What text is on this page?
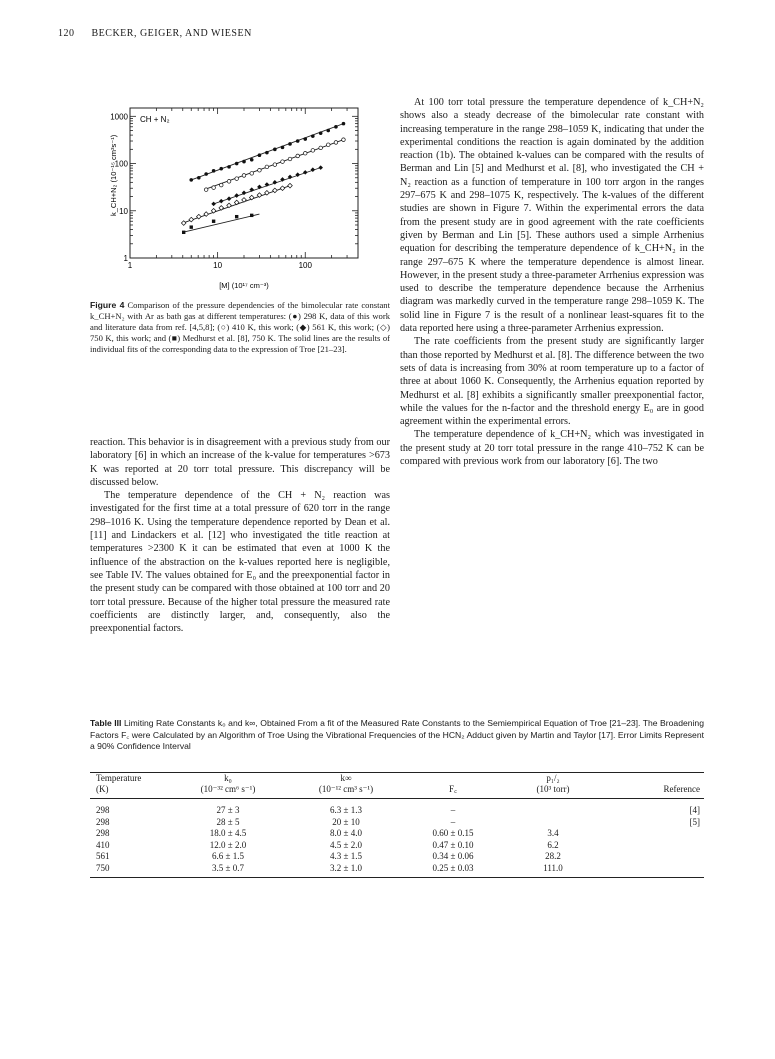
120 BECKER, GEIGER, AND WIESEN
1	10	100
1
10
100
1000 CH + N₂
k_CH+N₂ (10⁻¹⁵ cm³s⁻¹)
[M] (10¹⁷ cm⁻³)
Figure 4 Comparison of the pressure dependencies of the bimolecular rate constant k_CH+N₂ with Ar as bath gas at different temperatures: (●) 298 K, data of this work and literature data from ref. [4,5,8]; (○) 410 K, this work; (◆) 561 K, this work; (◇) 750 K, this work; and (■) Medhurst et al. [8], 750 K. The solid lines are the results of individual fits of the corresponding data to the expression of Troe [21–23].

reaction. This behavior is in disagreement with a previous study from our laboratory [6] in which an increase of the k-value for temperatures >673 K was reported at 20 torr total pressure. This discrepancy will be discussed below.

The temperature dependence of the CH + N₂ reaction was investigated for the first time at a total pressure of 620 torr in the range 298–1016 K. Using the temperature dependence reported by Dean et al. [11] and Lindackers et al. [12] who investigated the title reaction at temperatures >2300 K it can be estimated that even at 1000 K the influence of the abstraction on the k-values reported here is negligible, see Table IV. The values obtained for E₀ and the preexponential factor in the present study can be compared with those obtained at 100 torr and 20 torr total pressure. Because of the higher total pressure the measured rate coefficients are distinctly larger, and, consequently, also the preexponential factors.

At 100 torr total pressure the temperature dependence of k_CH+N₂ shows also a steady decrease of the bimolecular rate constant with increasing temperature in the range 298–1059 K, indicating that under the experimental conditions the reaction is again dominated by the addition reaction (1b). The obtained k-values can be compared with the results of Berman and Lin [5] and Medhurst et al. [8], who investigated the CH + N₂ reaction as a function of temperature in 100 torr argon in the ranges 297–675 K and 298–1075 K, respectively. The k-values of the different studies are shown in Figure 7. Within the experimental errors the data from the present study are in good agreement with the rate coefficients given by Berman and Lin [5]. These authors used a simple Arrhenius equation for describing the temperature dependence of k_CH+N₂ in the range 297–675 K where the temperature dependence is almost linear. However, in the present study a three-parameter Arrhenius expression was used to describe the temperature dependence because the Arrhenius diagram was markedly curved in the temperature range 298–1059 K. The solid line in Figure 7 is the result of a nonlinear least-squares fit to the data reported here using a three-parameter Arrhenius expression.

The rate coefficients from the present study are significantly larger than those reported by Medhurst et al. [8]. The difference between the two sets of data is increasing from 30% at room temperature up to a factor of three at about 1060 K. Consequently, the Arrhenius equation reported by Medhurst et al. [8] exhibits a significantly smaller preexponential factor, while the values for the n-factor and the threshold energy E₀ are in good agreement within the experimental errors.

The temperature dependence of k_CH+N₂ which was investigated in the present study at 20 torr total pressure in the range 410–752 K can be compared with previous work from our laboratory [6]. The two

Table III Limiting Rate Constants k₀ and k∞, Obtained From a fit of the Measured Rate Constants to the Semiempirical Equation of Troe [21–23]. The Broadening Factors F꜀ were Calculated by an Algorithm of Troe Using the Vibrational Frequencies of the HCN₂ Adduct given by Martin and Taylor [17]. Error Limits Represent a 90% Confidence Interval
Temperature	k₀	k∞		p₁/₂	
(K)	(10⁻³² cm⁶ s⁻¹)	(10⁻¹² cm³ s⁻¹)	F꜀	(10³ torr)	Reference
298	27 ± 3	6.3 ± 1.3	–		[4]
298	28 ± 5	20 ± 10	–		[5]
298	18.0 ± 4.5	8.0 ± 4.0	0.60 ± 0.15	3.4	
410	12.0 ± 2.0	4.5 ± 2.0	0.47 ± 0.10	6.2	
561	6.6 ± 1.5	4.3 ± 1.5	0.34 ± 0.06	28.2	
750	3.5 ± 0.7	3.2 ± 1.0	0.25 ± 0.03	111.0	
